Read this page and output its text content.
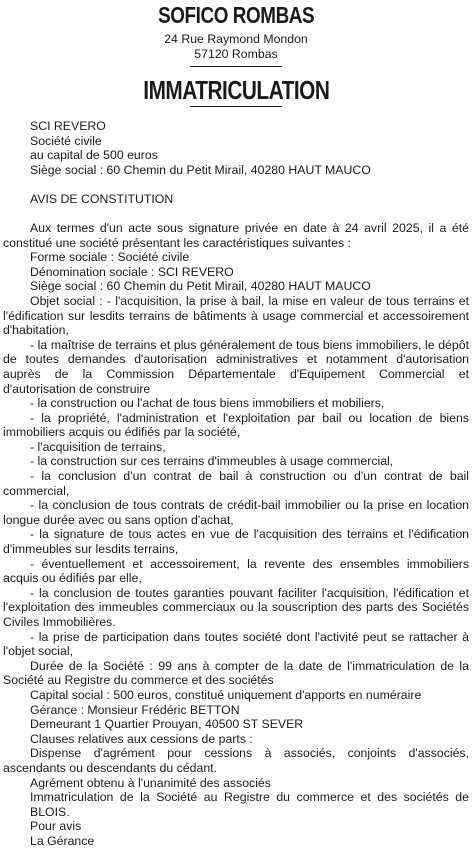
SOFICO ROMBAS
24 Rue Raymond Mondon
57120 Rombas
IMMATRICULATION
SCI REVERO
Société civile
au capital de 500 euros
Siège social : 60 Chemin du Petit Mirail, 40280 HAUT MAUCO
AVIS DE CONSTITUTION

Aux termes d'un acte sous signature privée en date à 24 avril 2025, il a été constitué une société présentant les caractéristiques suivantes :

Forme sociale : Société civile

Dénomination sociale : SCI REVERO

Siège social : 60 Chemin du Petit Mirail, 40280 HAUT MAUCO

Objet social : - l'acquisition, la prise à bail, la mise en valeur de tous terrains et l'édification sur lesdits terrains de bâtiments à usage commercial et accessoirement d'habitation,

- la maîtrise de terrains et plus généralement de tous biens immobiliers, le dépôt de toutes demandes d'autorisation administratives et notamment d'autorisation auprès de la Commission Départementale d'Equipement Commercial et d'autorisation de construire

- la construction ou l'achat de tous biens immobiliers et mobiliers,

- la propriété, l'administration et l'exploitation par bail ou location de biens immobiliers acquis ou édifiés par la société,

- l'acquisition de terrains,

- la construction sur ces terrains d'immeubles à usage commercial,

- la conclusion d'un contrat de bail à construction ou d'un contrat de bail commercial,

- la conclusion de tous contrats de crédit-bail immobilier ou la prise en location longue durée avec ou sans option d'achat,

- la signature de tous actes en vue de l'acquisition des terrains et l'édification d'immeubles sur lesdits terrains,

- éventuellement et accessoirement, la revente des ensembles immobiliers acquis ou édifiés par elle,

- la conclusion de toutes garanties pouvant faciliter l'acquisition, l'édification et l'exploitation des immeubles commerciaux ou la souscription des parts des Sociétés Civiles Immobilières.

- la prise de participation dans toutes société dont l'activité peut se rattacher à l'objet social,

Durée de la Société : 99 ans à compter de la date de l'immatriculation de la Société au Registre du commerce et des sociétés

Capital social : 500 euros, constitué uniquement d'apports en numéraire

Gérance : Monsieur Frédéric BETTON

Demeurant 1 Quartier Prouyan, 40500 ST SEVER

Clauses relatives aux cessions de parts :

Dispense d'agrément pour cessions à associés, conjoints d'associés, ascendants ou descendants du cédant.

Agrément obtenu à l'unanimité des associés

Immatriculation de la Société au Registre du commerce et des sociétés de BLOIS.

Pour avis

La Gérance
